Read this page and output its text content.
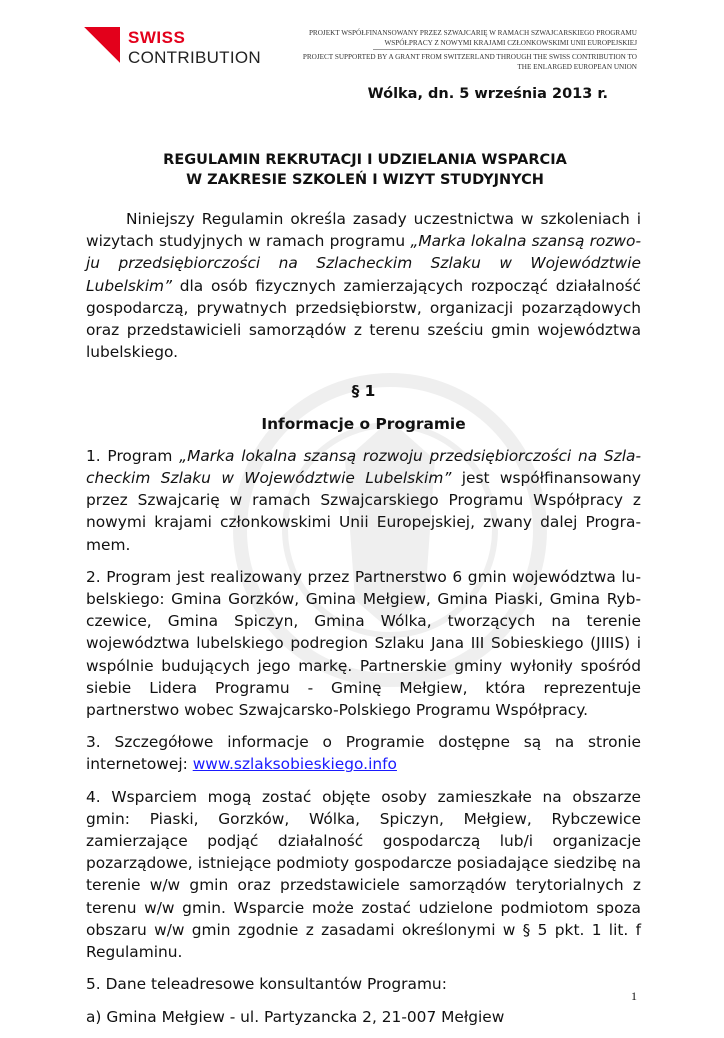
SWISS
CONTRIBUTION
PROJEKT WSPÓŁFINANSOWANY PRZEZ SZWAJCARIĘ W RAMACH SZWAJCARSKIEGO PROGRAMU WSPÓŁPRACY Z NOWYMI KRAJAMI CZŁONKOWSKIMI UNII EUROPEJSKIEJ
PROJECT SUPPORTED BY A GRANT FROM SWITZERLAND THROUGH THE SWISS CONTRIBUTION TO THE ENLARGED EUROPEAN UNION
Wólka, dn. 5 września 2013 r.
REGULAMIN REKRUTACJI I UDZIELANIA WSPARCIA
W ZAKRESIE SZKOLEŃ I WIZYT STUDYJNYCH

Niniejszy Regulamin określa zasady uczestnictwa w szkoleniach i wizytach studyjnych w ramach programu „Marka lokalna szansą rozwoju przedsiębiorczości na Szlacheckim Szlaku w Województwie Lubelskim” dla osób fizycznych zamierzających rozpocząć działalność gospodarczą, prywatnych przedsiębiorstw, organizacji pozarządowych oraz przedstawicieli samorządów z terenu sześciu gmin województwa lubelskiego.

§ 1

Informacje o Programie

1. Program „Marka lokalna szansą rozwoju przedsiębiorczości na Szlacheckim Szlaku w Województwie Lubelskim” jest współfinansowany przez Szwajcarię w ramach Szwajcarskiego Programu Współpracy z nowymi krajami członkowskimi Unii Europejskiej, zwany dalej Programem.

2. Program jest realizowany przez Partnerstwo 6 gmin województwa lubelskiego: Gmina Gorzków, Gmina Mełgiew, Gmina Piaski, Gmina Rybczewice, Gmina Spiczyn, Gmina Wólka, tworzących na terenie województwa lubelskiego podregion Szlaku Jana III Sobieskiego (JIIIS) i wspólnie budujących jego markę. Partnerskie gminy wyłoniły spośród siebie Lidera Programu - Gminę Mełgiew, która reprezentuje partnerstwo wobec Szwajcarsko-Polskiego Programu Współpracy.

3. Szczegółowe informacje o Programie dostępne są na stronie internetowej: www.szlaksobieskiego.info

4. Wsparciem mogą zostać objęte osoby zamieszkałe na obszarze gmin: Piaski, Gorzków, Wólka, Spiczyn, Mełgiew, Rybczewice zamierzające podjąć działalność gospodarczą lub/i organizacje pozarządowe, istniejące podmioty gospodarcze posiadające siedzibę na terenie w/w gmin oraz przedstawiciele samorządów terytorialnych z terenu w/w gmin. Wsparcie może zostać udzielone podmiotom spoza obszaru w/w gmin zgodnie z zasadami określonymi w § 5 pkt. 1 lit. f Regulaminu.

5. Dane teleadresowe konsultantów Programu:

a) Gmina Mełgiew - ul. Partyzancka 2, 21-007 Mełgiew

1
